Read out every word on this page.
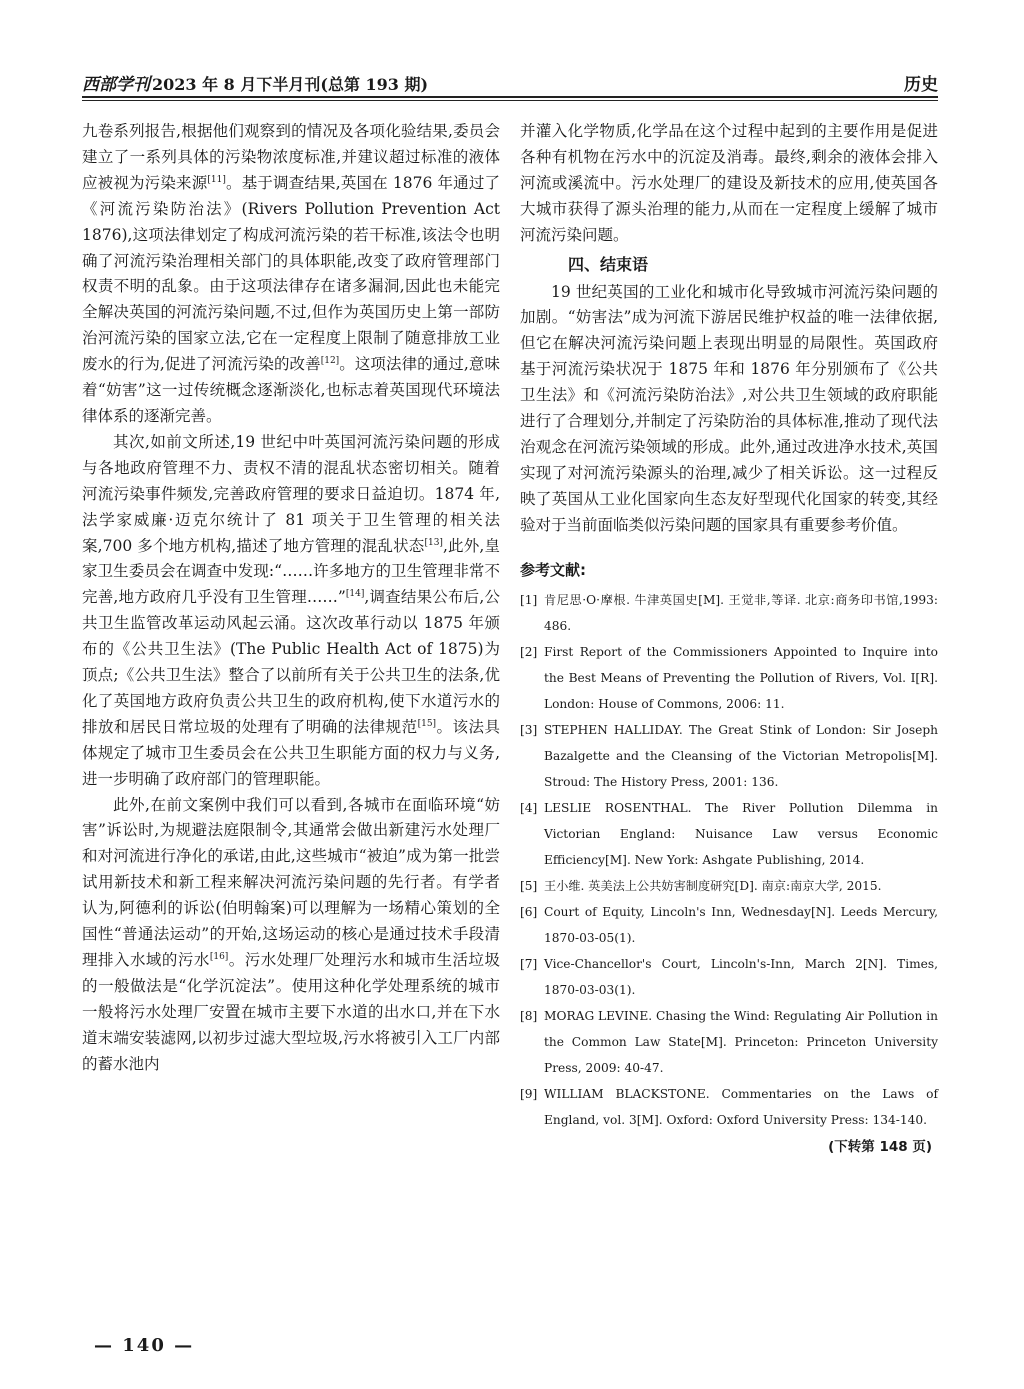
西部学刊 2023 年 8 月下半月刊(总第 193 期)	历史

九卷系列报告,根据他们观察到的情况及各项化验结果,委员会建立了一系列具体的污染物浓度标准,并建议超过标准的液体应被视为污染来源[11]。基于调查结果,英国在 1876 年通过了《河流污染防治法》(Rivers Pollution Prevention Act 1876),这项法律划定了构成河流污染的若干标准,该法令也明确了河流污染治理相关部门的具体职能,改变了政府管理部门权责不明的乱象。由于这项法律存在诸多漏洞,因此也未能完全解决英国的河流污染问题,不过,但作为英国历史上第一部防治河流污染的国家立法,它在一定程度上限制了随意排放工业废水的行为,促进了河流污染的改善[12]。这项法律的通过,意味着“妨害”这一过传统概念逐渐淡化,也标志着英国现代环境法律体系的逐渐完善。

其次,如前文所述,19 世纪中叶英国河流污染问题的形成与各地政府管理不力、责权不清的混乱状态密切相关。随着河流污染事件频发,完善政府管理的要求日益迫切。1874 年,法学家威廉·迈克尔统计了 81 项关于卫生管理的相关法案,700 多个地方机构,描述了地方管理的混乱状态[13],此外,皇家卫生委员会在调查中发现:“……许多地方的卫生管理非常不完善,地方政府几乎没有卫生管理……”[14],调查结果公布后,公共卫生监管改革运动风起云涌。这次改革行动以 1875 年颁布的《公共卫生法》(The Public Health Act of 1875)为顶点;《公共卫生法》整合了以前所有关于公共卫生的法条,优化了英国地方政府负责公共卫生的政府机构,使下水道污水的排放和居民日常垃圾的处理有了明确的法律规范[15]。该法具体规定了城市卫生委员会在公共卫生职能方面的权力与义务,进一步明确了政府部门的管理职能。

此外,在前文案例中我们可以看到,各城市在面临环境“妨害”诉讼时,为规避法庭限制令,其通常会做出新建污水处理厂和对河流进行净化的承诺,由此,这些城市“被迫”成为第一批尝试用新技术和新工程来解决河流污染问题的先行者。有学者认为,阿德利的诉讼(伯明翰案)可以理解为一场精心策划的全国性“普通法运动”的开始,这场运动的核心是通过技术手段清理排入水域的污水[16]。污水处理厂处理污水和城市生活垃圾的一般做法是“化学沉淀法”。使用这种化学处理系统的城市一般将污水处理厂安置在城市主要下水道的出水口,并在下水道末端安装滤网,以初步过滤大型垃圾,污水将被引入工厂内部的蓄水池内

并灌入化学物质,化学品在这个过程中起到的主要作用是促进各种有机物在污水中的沉淀及消毒。最终,剩余的液体会排入河流或溪流中。污水处理厂的建设及新技术的应用,使英国各大城市获得了源头治理的能力,从而在一定程度上缓解了城市河流污染问题。

四、结束语

19 世纪英国的工业化和城市化导致城市河流污染问题的加剧。“妨害法”成为河流下游居民维护权益的唯一法律依据,但它在解决河流污染问题上表现出明显的局限性。英国政府基于河流污染状况于 1875 年和 1876 年分别颁布了《公共卫生法》和《河流污染防治法》,对公共卫生领域的政府职能进行了合理划分,并制定了污染防治的具体标准,推动了现代法治观念在河流污染领域的形成。此外,通过改进净水技术,英国实现了对河流污染源头的治理,减少了相关诉讼。这一过程反映了英国从工业化国家向生态友好型现代化国家的转变,其经验对于当前面临类似污染问题的国家具有重要参考价值。

参考文献:
[1] 肯尼思·O·摩根. 牛津英国史[M]. 王觉非,等译. 北京:商务印书馆,1993: 486.
[2] First Report of the Commissioners Appointed to Inquire into the Best Means of Preventing the Pollution of Rivers, Vol. I[R]. London: House of Commons, 2006: 11.
[3] STEPHEN HALLIDAY. The Great Stink of London: Sir Joseph Bazalgette and the Cleansing of the Victorian Metropolis[M]. Stroud: The History Press, 2001: 136.
[4] LESLIE ROSENTHAL. The River Pollution Dilemma in Victorian England: Nuisance Law versus Economic Efficiency[M]. New York: Ashgate Publishing, 2014.
[5] 王小维. 英美法上公共妨害制度研究[D]. 南京:南京大学, 2015.
[6] Court of Equity, Lincoln's Inn, Wednesday[N]. Leeds Mercury, 1870-03-05(1).
[7] Vice-Chancellor's Court, Lincoln's-Inn, March 2[N]. Times, 1870-03-03(1).
[8] MORAG LEVINE. Chasing the Wind: Regulating Air Pollution in the Common Law State[M]. Princeton: Princeton University Press, 2009: 40-47.
[9] WILLIAM BLACKSTONE. Commentaries on the Laws of England, vol. 3[M]. Oxford: Oxford University Press: 134-140.
(下转第 148 页)
— 140 —
